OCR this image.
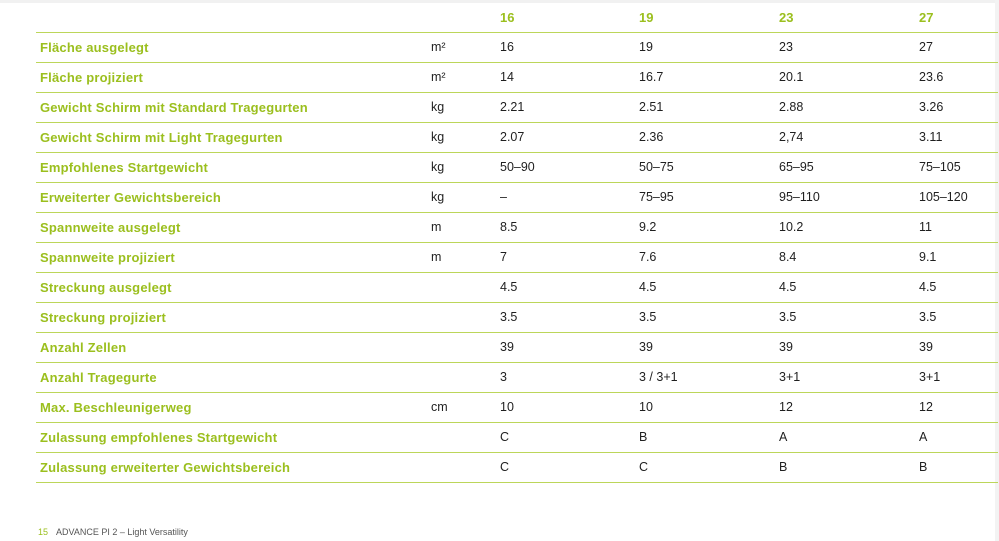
		16	19	23	27
Fläche ausgelegt	m²	16	19	23	27
Fläche projiziert	m²	14	16.7	20.1	23.6
Gewicht Schirm mit Standard Tragegurten	kg	2.21	2.51	2.88	3.26
Gewicht Schirm mit Light Tragegurten	kg	2.07	2.36	2,74	3.11
Empfohlenes Startgewicht	kg	50–90	50–75	65–95	75–105
Erweiterter Gewichtsbereich	kg	–	75–95	95–110	105–120
Spannweite ausgelegt	m	8.5	9.2	10.2	11
Spannweite projiziert	m	7	7.6	8.4	9.1
Streckung ausgelegt		4.5	4.5	4.5	4.5
Streckung projiziert		3.5	3.5	3.5	3.5
Anzahl Zellen		39	39	39	39
Anzahl Tragegurte		3	3 / 3+1	3+1	3+1
Max. Beschleunigerweg	cm	10	10	12	12
Zulassung empfohlenes Startgewicht		C	B	A	A
Zulassung erweiterter Gewichtsbereich		C	C	B	B
15 ADVANCE PI 2 – Light Versatility
